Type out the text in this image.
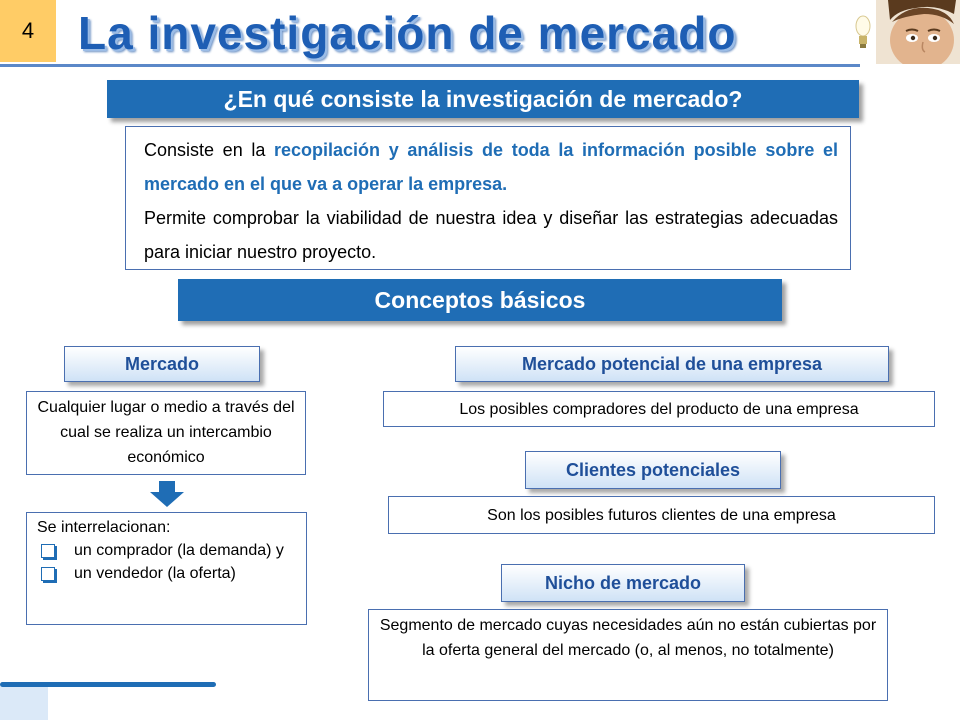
4 La investigación de mercado
¿En qué consiste la investigación de mercado?
Consiste en la recopilación y análisis de toda la información posible sobre el mercado en el que va a operar la empresa.
Permite comprobar la viabilidad de nuestra idea y diseñar las estrategias adecuadas para iniciar nuestro proyecto.
Conceptos básicos
Mercado
Cualquier lugar o medio a través del cual se realiza un intercambio económico
Se interrelacionan:
un comprador (la demanda) y
un vendedor (la oferta)
Mercado potencial de una empresa
Los posibles compradores del producto de una empresa
Clientes potenciales
Son los posibles futuros clientes de una empresa
Nicho de mercado
Segmento de mercado cuyas necesidades aún no están cubiertas por la oferta general del mercado (o, al menos, no totalmente)
